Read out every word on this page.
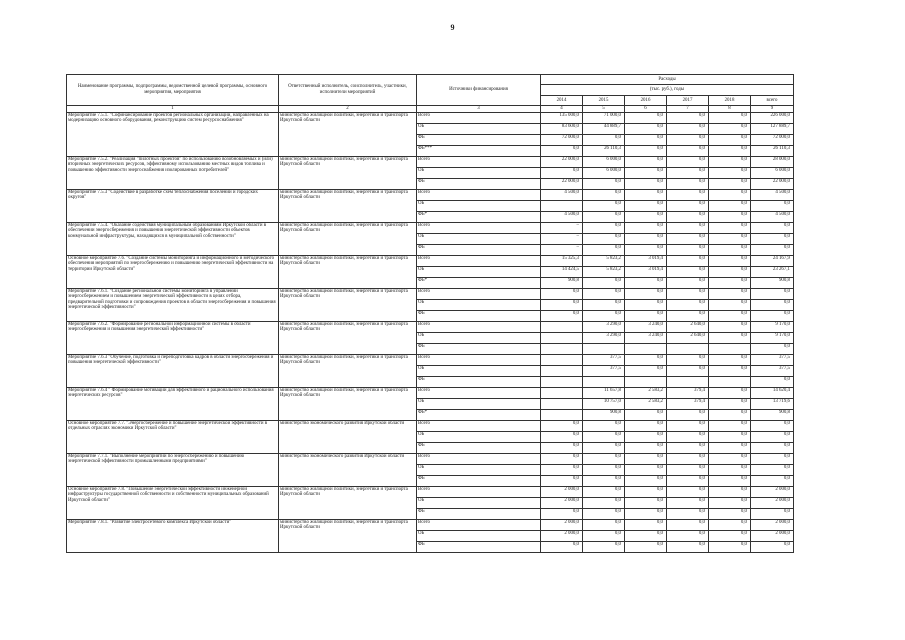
9
Наименование программы, подпрограммы, ведомственной целевой программы, основного мероприятия, мероприятия	Ответственный исполнитель, соисполнитель, участники, исполнители мероприятий	Источники финансирования	Расходы					
			(тыс. руб.), годы					
			2014	2015	2016	2017	2018	всего
1	2	3	4	5	6	7	8	9
Мероприятие 7.5.1. "Софинансирование проектов региональных организаций, направленных на модернизацию основного оборудования, реконструкцию систем ресурсоснабжения"	министерство жилищной политики, энергетики и транспорта Иркутской области	Всего	135 000,0	71 000,0	0,0	0,0	0,0	226 000,0
		ОБ	83 600,0	44 889,7	0,0	0,0	0,0	127 889,7
		ФБ	72 000,0	0,0	0,0	0,0	0,0	72 000,0
		ФБ***	0,0	26 110,3	0,0	0,0	0,0	26 110,3
Мероприятие 7.5.2. "Реализация "пилотных проектов" по использованию возобновляемых и (или) вторичных энергетических ресурсов, эффективному использованию местных видов топлива и повышению эффективности энергоснабжения изолированных потребителей"	министерство жилищной политики, энергетики и транспорта Иркутской области	Всего	22 000,0	6 000,0	0,0	0,0	0,0	28 000,0
		ОБ	0,0	6 000,0	0,0	0,0	0,0	6 000,0
		ФБ	22 000,0	0,0	0,0	0,0	0,0	22 000,0
Мероприятие 7.5.3 "Содействие в разработке схем теплоснабжения поселений и городских округов"	министерство жилищной политики, энергетики и транспорта Иркутской области	Всего	4 500,0	0,0	0,0	0,0	0,0	4 500,0
		ОБ		0,0	0,0	0,0	0,0	0,0
		ФБ*	4 500,0	0,0	0,0	0,0	0,0	4 500,0
Мероприятие 7.5.4. "Оказание содействия муниципальным образованиям Иркутской области в обеспечении энергосбережения и повышения энергетической эффективности объектов коммунальной инфраструктуры, находящихся в муниципальной собственности"	министерство жилищной политики, энергетики и транспорта Иркутской области	Всего	–	0,0	0,0	0,0	0,0	0,0
		ОБ	–	0,0	0,0	0,0	0,0	0,0
		ФБ	–	0,0	0,0	0,0	0,0	0,0
Основное мероприятие 7.6. "Создание системы мониторинга и информационного и методического обеспечения мероприятий по энергосбережению и повышению энергетической эффективности на территории Иркутской области"	министерство жилищной политики, энергетики и транспорта Иркутской области	Всего	15 325,3	5 823,2	3 019,4	0,0	0,0	24 167,9
		ОБ	14 424,5	5 823,2	3 019,4	0,0	0,0	23 267,1
		ФБ*	900,8	0,0	0,0	0,0	0,0	900,8
Мероприятие 7.6.1. "Создание региональной системы мониторинга в управлении энергосбережением и повышением энергетической эффективности в целях отбора, предварительной подготовки и сопровождения проектов в области энергосбережения и повышения энергетической эффективности"	министерство жилищной политики, энергетики и транспорта Иркутской области	Всего	0,0	0,0	0,0	0,0	0,0	0,0
		ОБ	0,0	0,0	0,0	0,0	0,0	0,0
		ФБ	0,0	0,0	0,0	0,0	0,0	0,0
Мероприятие 7.6.2. "Формирование региональной информационной системы в области энергосбережения и повышения энергетической эффективности"	министерство жилищной политики, энергетики и транспорта Иркутской области	Всего		3 290,0	3 240,0	2 640,0	0,0	9 170,0
		ОБ		3 290,0	3 240,0	2 640,0	0,0	9 170,0
		ФБ						0,0
Мероприятие 7.6.3 "Обучение, подготовка и переподготовка кадров в области энергосбережения и повышения энергетической эффективности"	министерство жилищной политики, энергетики и транспорта Иркутской области	Всего		377,5	0,0	0,0	0,0	377,5
		ОБ		377,5	0,0	0,0	0,0	377,5
		ФБ						0,0
Мероприятие 7.6.4 " Формирование мотивации для эффективного и рационального использования энергетических ресурсов"	министерство жилищной политики, энергетики и транспорта Иркутской области	Всего		11 657,8	2 583,2	379,4	0,0	14 620,4
		ОБ		10 757,0	2 583,2	379,4	0,0	13 719,6
		ФБ*		900,8	0,0	0,0	0,0	900,8
Основное мероприятие 7.7. "Энергосбережение и повышение энергетической эффективности в отдельных отраслях экономики Иркутской области"	министерство экономического развития Иркутской области	Всего	0,0	0,0	0,0	0,0	0,0	0,0
		ОБ	0,0	0,0	0,0	0,0	0,0	0,0
		ФБ	0,0	0,0	0,0	0,0	0,0	0,0
Мероприятие 7.7.1. "Выполнение мероприятий по энергосбережению и повышению энергетической эффективности промышленными предприятиями"	министерство экономического развития Иркутской области	Всего	0,0	0,0	0,0	0,0	0,0	0,0
		ОБ	0,0	0,0	0,0	0,0	0,0	0,0
		ФБ	0,0	0,0	0,0	0,0	0,0	0,0
Основное мероприятие 7.8. "Повышение энергетической эффективности инженерной инфраструктуры государственной собственности и собственности муниципальных образований Иркутской области"	министерство жилищной политики, энергетики и транспорта Иркутской области	Всего	2 000,0	0,0	0,0	0,0	0,0	2 000,0
		ОБ	2 000,0	0,0	0,0	0,0	0,0	2 000,0
		ФБ	0,0	0,0	0,0	0,0	0,0	0,0
Мероприятие 7.8.1. "Развитие электросетевого комплекса Иркутской области"	министерство жилищной политики, энергетики и транспорта Иркутской области	Всего	2 000,0	0,0	0,0	0,0	0,0	2 000,0
		ОБ	2 000,0	0,0	0,0	0,0	0,0	2 000,0
		ФБ	0,0	0,0	0,0	0,0	0,0	0,0
